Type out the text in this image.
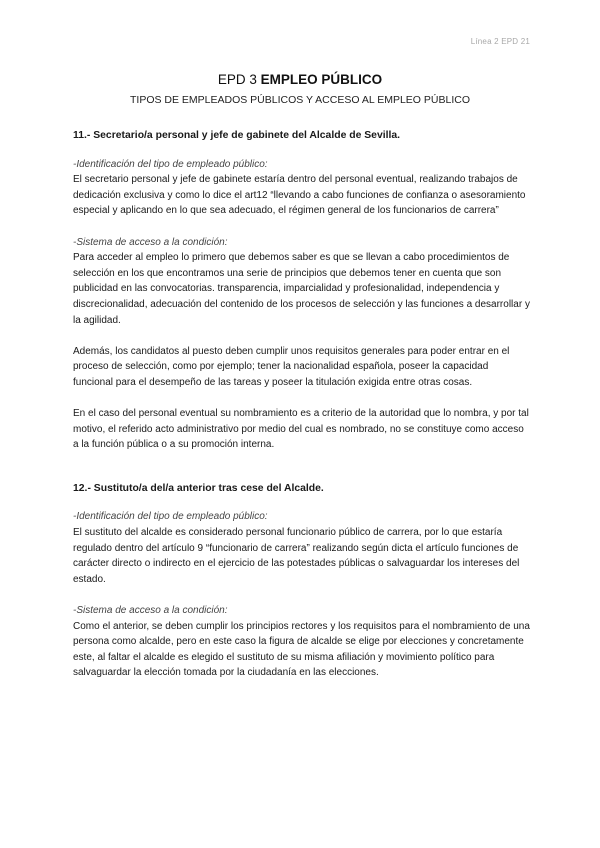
Línea 2 EPD 21
EPD 3 EMPLEO PÚBLICO
TIPOS DE EMPLEADOS PÚBLICOS Y ACCESO AL EMPLEO PÚBLICO
11.- Secretario/a personal y jefe de gabinete del Alcalde de Sevilla.
-Identificación del tipo de empleado público:

El secretario personal y jefe de gabinete estaría dentro del personal eventual, realizando trabajos de dedicación exclusiva y como lo dice el art12 “llevando a cabo funciones de confianza o asesoramiento especial y aplicando en lo que sea adecuado, el régimen general de los funcionarios de carrera”

-Sistema de acceso a la condición:

Para acceder al empleo lo primero que debemos saber es que se llevan a cabo procedimientos de selección en los que encontramos una serie de principios que debemos tener en cuenta que son publicidad en las convocatorias. transparencia, imparcialidad y profesionalidad, independencia y discrecionalidad, adecuación del contenido de los procesos de selección y las funciones a desarrollar y la agilidad.

Además, los candidatos al puesto deben cumplir unos requisitos generales para poder entrar en el proceso de selección, como por ejemplo; tener la nacionalidad española, poseer la capacidad funcional para el desempeño de las tareas y poseer la titulación exigida entre otras cosas.

En el caso del personal eventual su nombramiento es a criterio de la autoridad que lo nombra, y por tal motivo, el referido acto administrativo por medio del cual es nombrado, no se constituye como acceso a la función pública o a su promoción interna.

12.- Sustituto/a del/a anterior tras cese del Alcalde.
-Identificación del tipo de empleado público:

El sustituto del alcalde es considerado personal funcionario público de carrera, por lo que estaría regulado dentro del artículo 9 “funcionario de carrera” realizando según dicta el artículo funciones de carácter directo o indirecto en el ejercicio de las potestades públicas o salvaguardar los intereses del estado.

-Sistema de acceso a la condición:

Como el anterior, se deben cumplir los principios rectores y los requisitos para el nombramiento de una persona como alcalde, pero en este caso la figura de alcalde se elige por elecciones y concretamente este, al faltar el alcalde es elegido el sustituto de su misma afiliación y movimiento político para salvaguardar la elección tomada por la ciudadanía en las elecciones.
